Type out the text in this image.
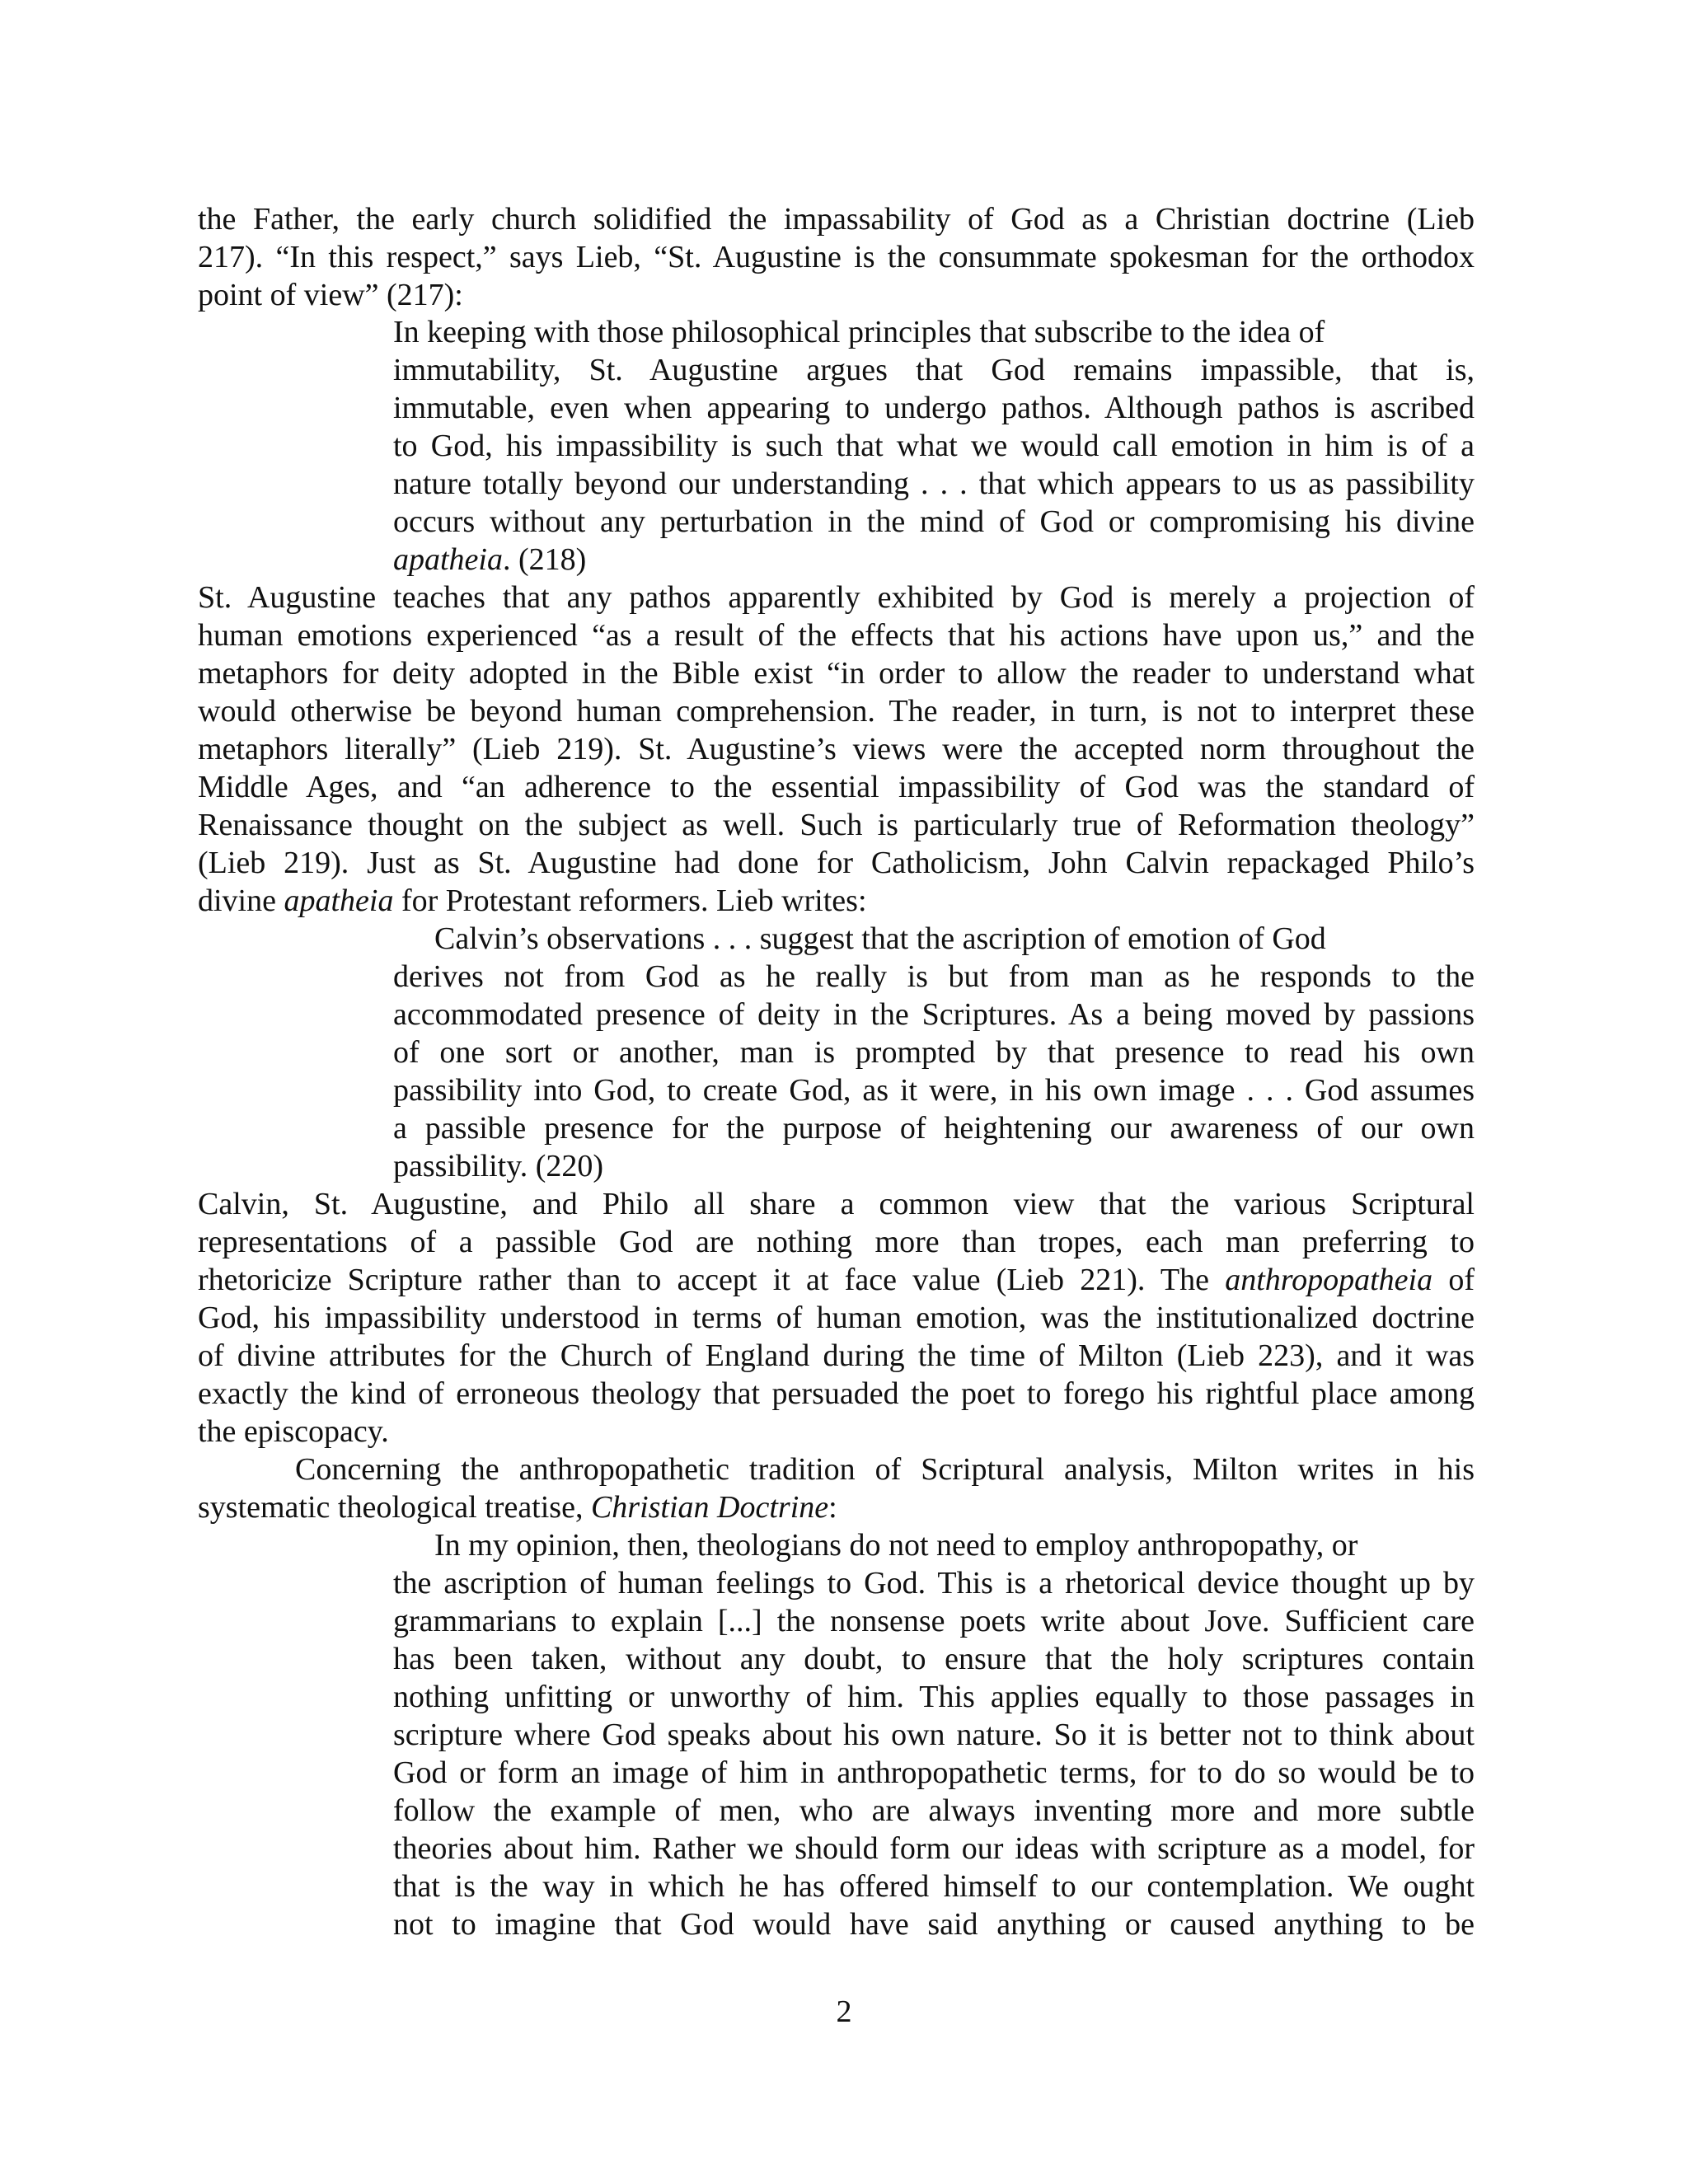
the Father, the early church solidified the impassability of God as a Christian doctrine (Lieb
217). “In this respect,” says Lieb, “St. Augustine is the consummate spokesman for the orthodox
point of view” (217):
In keeping with those philosophical principles that subscribe to the idea of
immutability, St. Augustine argues that God remains impassible, that is,
immutable, even when appearing to undergo pathos. Although pathos is ascribed
to God, his impassibility is such that what we would call emotion in him is of a
nature totally beyond our understanding . . . that which appears to us as passibility
occurs without any perturbation in the mind of God or compromising his divine
apatheia. (218)
St. Augustine teaches that any pathos apparently exhibited by God is merely a projection of
human emotions experienced “as a result of the effects that his actions have upon us,” and the
metaphors for deity adopted in the Bible exist “in order to allow the reader to understand what
would otherwise be beyond human comprehension. The reader, in turn, is not to interpret these
metaphors literally” (Lieb 219). St. Augustine’s views were the accepted norm throughout the
Middle Ages, and “an adherence to the essential impassibility of God was the standard of
Renaissance thought on the subject as well. Such is particularly true of Reformation theology”
(Lieb 219). Just as St. Augustine had done for Catholicism, John Calvin repackaged Philo’s
divine apatheia for Protestant reformers. Lieb writes:
Calvin’s observations . . . suggest that the ascription of emotion of God
derives not from God as he really is but from man as he responds to the
accommodated presence of deity in the Scriptures. As a being moved by passions
of one sort or another, man is prompted by that presence to read his own
passibility into God, to create God, as it were, in his own image . . . God assumes
a passible presence for the purpose of heightening our awareness of our own
passibility. (220)
Calvin, St. Augustine, and Philo all share a common view that the various Scriptural
representations of a passible God are nothing more than tropes, each man preferring to
rhetoricize Scripture rather than to accept it at face value (Lieb 221). The anthropopatheia of
God, his impassibility understood in terms of human emotion, was the institutionalized doctrine
of divine attributes for the Church of England during the time of Milton (Lieb 223), and it was
exactly the kind of erroneous theology that persuaded the poet to forego his rightful place among
the episcopacy.
Concerning the anthropopathetic tradition of Scriptural analysis, Milton writes in his
systematic theological treatise, Christian Doctrine:
In my opinion, then, theologians do not need to employ anthropopathy, or
the ascription of human feelings to God. This is a rhetorical device thought up by
grammarians to explain [...] the nonsense poets write about Jove. Sufficient care
has been taken, without any doubt, to ensure that the holy scriptures contain
nothing unfitting or unworthy of him. This applies equally to those passages in
scripture where God speaks about his own nature. So it is better not to think about
God or form an image of him in anthropopathetic terms, for to do so would be to
follow the example of men, who are always inventing more and more subtle
theories about him. Rather we should form our ideas with scripture as a model, for
that is the way in which he has offered himself to our contemplation. We ought
not to imagine that God would have said anything or caused anything to be
2
